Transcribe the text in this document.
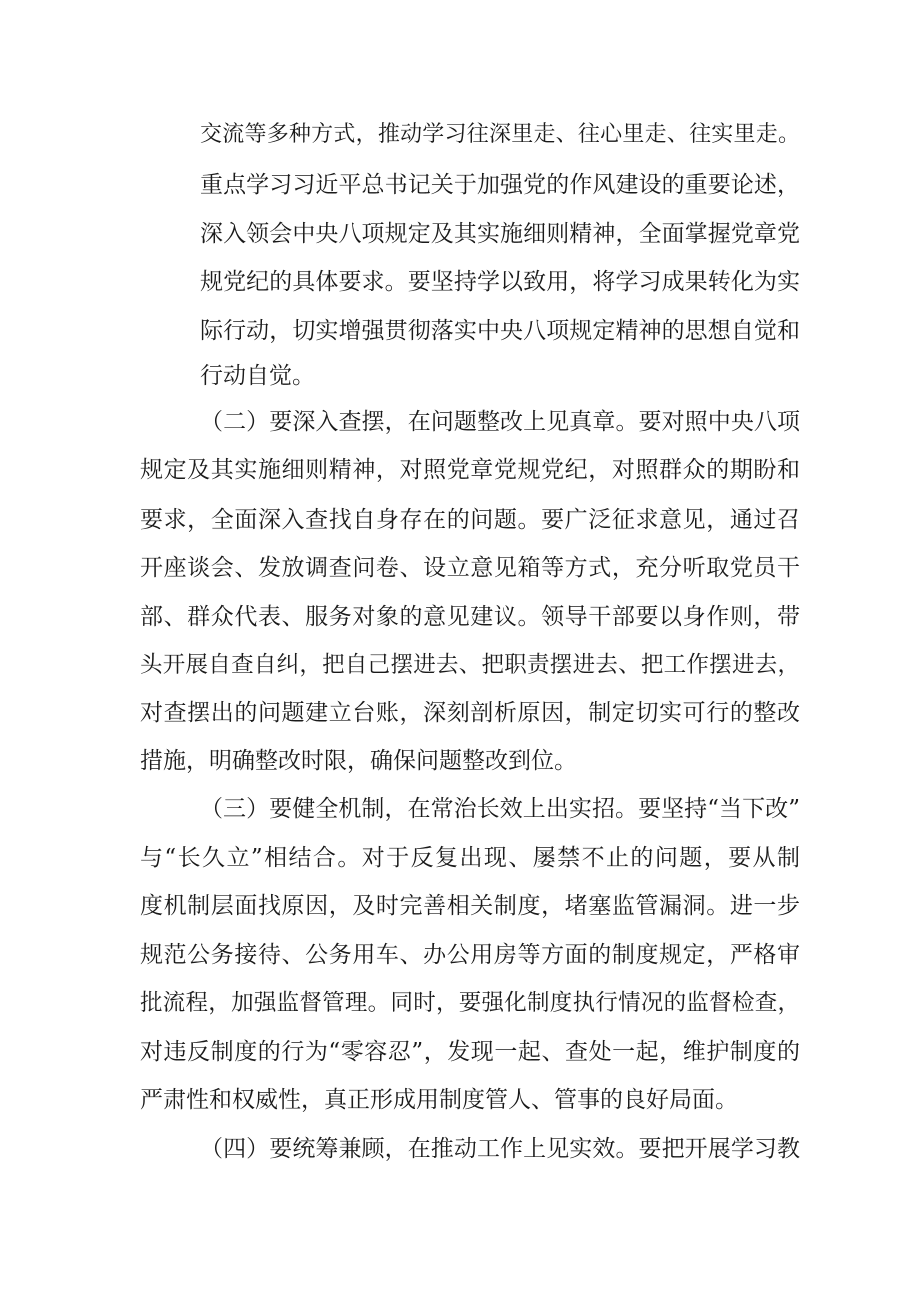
交流等多种方式，推动学习往深里走、往心里走、往实里走。

重点学习习近平总书记关于加强党的作风建设的重要论述，

深入领会中央八项规定及其实施细则精神，全面掌握党章党

规党纪的具体要求。要坚持学以致用，将学习成果转化为实

际行动，切实增强贯彻落实中央八项规定精神的思想自觉和

行动自觉。

（二）要深入查摆，在问题整改上见真章。要对照中央八项

规定及其实施细则精神，对照党章党规党纪，对照群众的期盼和

要求，全面深入查找自身存在的问题。要广泛征求意见，通过召

开座谈会、发放调查问卷、设立意见箱等方式，充分听取党员干

部、群众代表、服务对象的意见建议。领导干部要以身作则，带

头开展自查自纠，把自己摆进去、把职责摆进去、把工作摆进去，

对查摆出的问题建立台账，深刻剖析原因，制定切实可行的整改

措施，明确整改时限，确保问题整改到位。

（三）要健全机制，在常治长效上出实招。要坚持“当下改”

与“长久立”相结合。对于反复出现、屡禁不止的问题，要从制

度机制层面找原因，及时完善相关制度，堵塞监管漏洞。进一步

规范公务接待、公务用车、办公用房等方面的制度规定，严格审

批流程，加强监督管理。同时，要强化制度执行情况的监督检查，

对违反制度的行为“零容忍”，发现一起、查处一起，维护制度的

严肃性和权威性，真正形成用制度管人、管事的良好局面。

（四）要统筹兼顾，在推动工作上见实效。要把开展学习教
